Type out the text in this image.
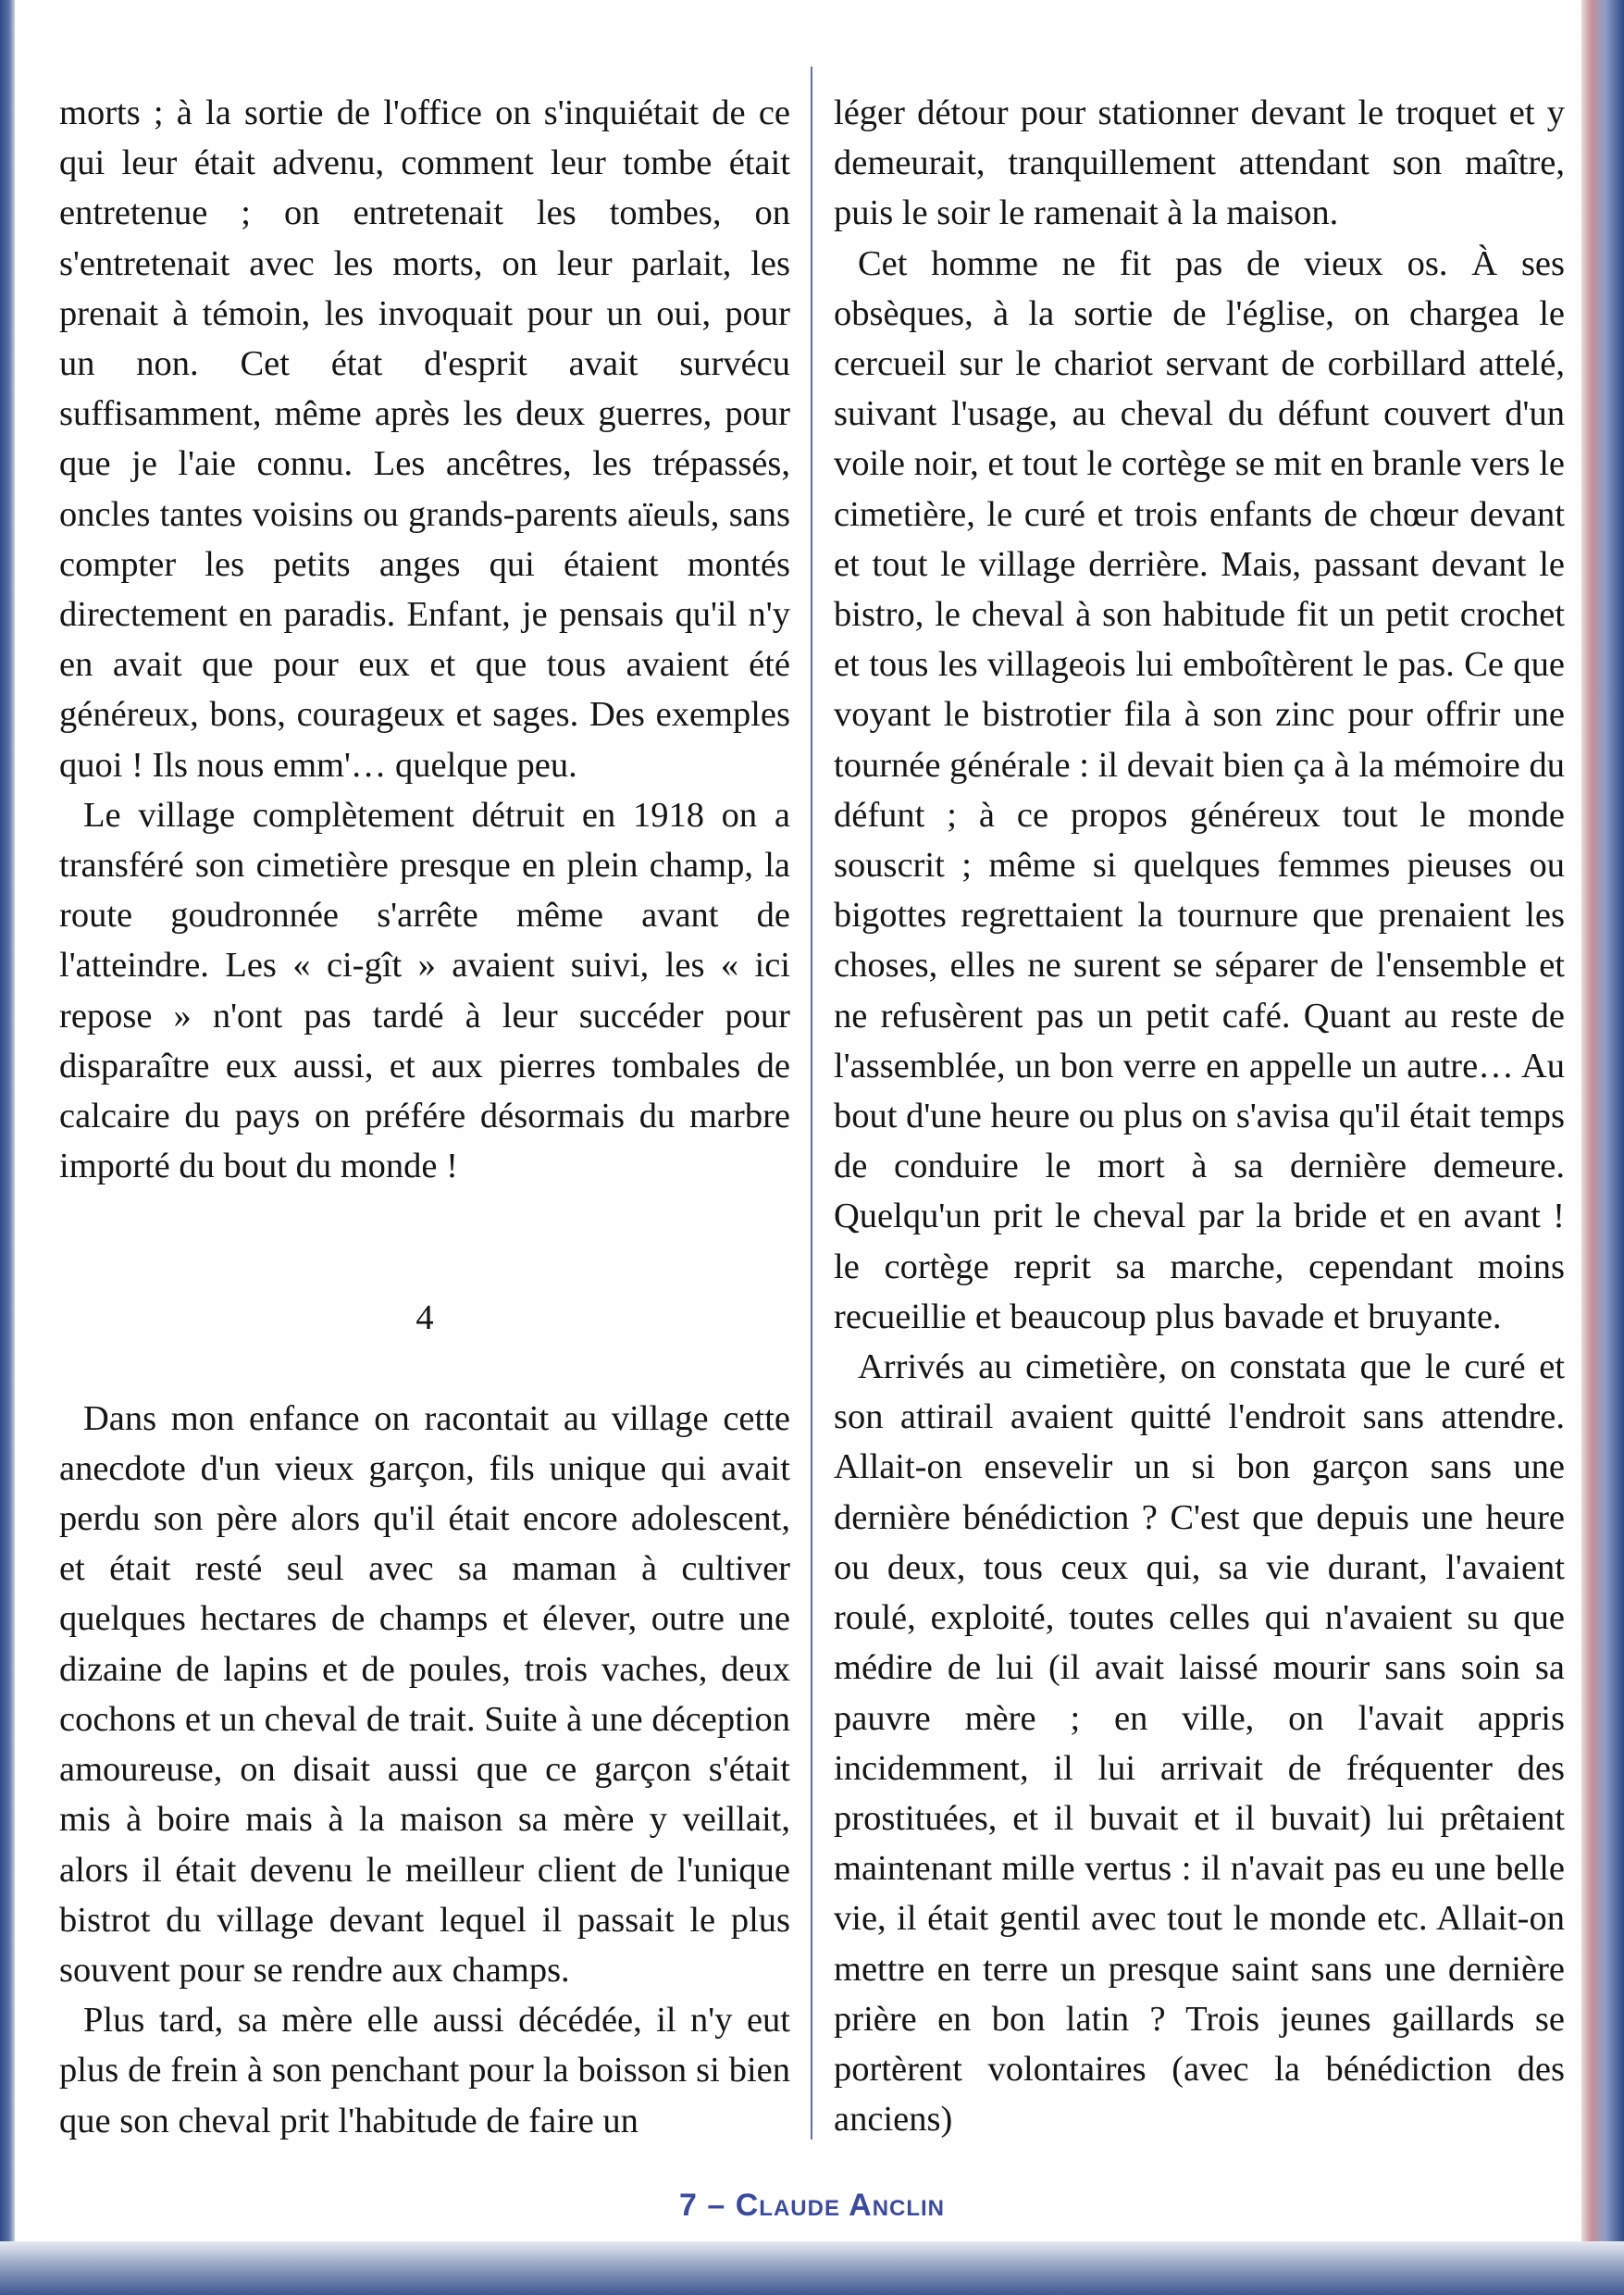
morts ; à la sortie de l'office on s'inquiétait de ce qui leur était advenu, comment leur tombe était entretenue ; on entretenait les tombes, on s'entretenait avec les morts, on leur parlait, les prenait à témoin, les invoquait pour un oui, pour un non. Cet état d'esprit avait survécu suffisamment, même après les deux guerres, pour que je l'aie connu. Les ancêtres, les trépassés, oncles tantes voisins ou grands-parents aïeuls, sans compter les petits anges qui étaient montés directement en paradis. Enfant, je pensais qu'il n'y en avait que pour eux et que tous avaient été généreux, bons, courageux et sages. Des exemples quoi ! Ils nous emm'… quelque peu.

Le village complètement détruit en 1918 on a transféré son cimetière presque en plein champ, la route goudronnée s'arrête même avant de l'atteindre. Les « ci-gît » avaient suivi, les « ici repose » n'ont pas tardé à leur succéder pour disparaître eux aussi, et aux pierres tombales de calcaire du pays on préfére désormais du marbre importé du bout du monde !

4

Dans mon enfance on racontait au village cette anecdote d'un vieux garçon, fils unique qui avait perdu son père alors qu'il était encore adolescent, et était resté seul avec sa maman à cultiver quelques hectares de champs et élever, outre une dizaine de lapins et de poules, trois vaches, deux cochons et un cheval de trait. Suite à une déception amoureuse, on disait aussi que ce garçon s'était mis à boire mais à la maison sa mère y veillait, alors il était devenu le meilleur client de l'unique bistrot du village devant lequel il passait le plus souvent pour se rendre aux champs.

Plus tard, sa mère elle aussi décédée, il n'y eut plus de frein à son penchant pour la boisson si bien que son cheval prit l'habitude de faire un

léger détour pour stationner devant le troquet et y demeurait, tranquillement attendant son maître, puis le soir le ramenait à la maison.

Cet homme ne fit pas de vieux os. À ses obsèques, à la sortie de l'église, on chargea le cercueil sur le chariot servant de corbillard attelé, suivant l'usage, au cheval du défunt couvert d'un voile noir, et tout le cortège se mit en branle vers le cimetière, le curé et trois enfants de chœur devant et tout le village derrière. Mais, passant devant le bistro, le cheval à son habitude fit un petit crochet et tous les villageois lui emboîtèrent le pas. Ce que voyant le bistrotier fila à son zinc pour offrir une tournée générale : il devait bien ça à la mémoire du défunt ; à ce propos généreux tout le monde souscrit ; même si quelques femmes pieuses ou bigottes regrettaient la tournure que prenaient les choses, elles ne surent se séparer de l'ensemble et ne refusèrent pas un petit café. Quant au reste de l'assemblée, un bon verre en appelle un autre… Au bout d'une heure ou plus on s'avisa qu'il était temps de conduire le mort à sa dernière demeure. Quelqu'un prit le cheval par la bride et en avant ! le cortège reprit sa marche, cependant moins recueillie et beaucoup plus bavade et bruyante.

Arrivés au cimetière, on constata que le curé et son attirail avaient quitté l'endroit sans attendre. Allait-on ensevelir un si bon garçon sans une dernière bénédiction ? C'est que depuis une heure ou deux, tous ceux qui, sa vie durant, l'avaient roulé, exploité, toutes celles qui n'avaient su que médire de lui (il avait laissé mourir sans soin sa pauvre mère ; en ville, on l'avait appris incidemment, il lui arrivait de fréquenter des prostituées, et il buvait et il buvait) lui prêtaient maintenant mille vertus : il n'avait pas eu une belle vie, il était gentil avec tout le monde etc. Allait-on mettre en terre un presque saint sans une dernière prière en bon latin ? Trois jeunes gaillards se portèrent volontaires (avec la bénédiction des anciens)

7 – Claude Anclin
